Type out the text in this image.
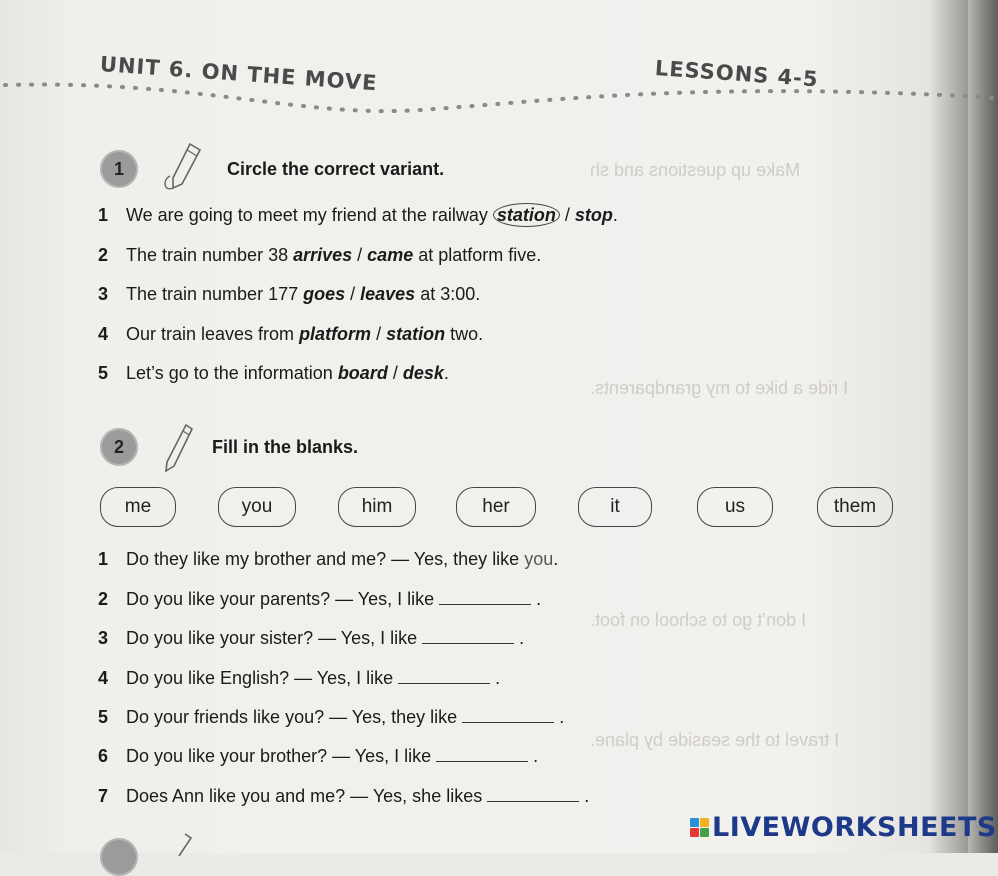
Make up questions and sh
I ride a bike to my grandparents.
I don’t go to school on foot.
I travel to the seaside by plane.
UNIT 6. ON THE MOVE	LESSONS 4-5
1	Circle the correct variant.
1 We are going to meet my friend at the railway station / stop.
2 The train number 38 arrives / came at platform five.
3 The train number 177 goes / leaves at 3:00.
4 Our train leaves from platform / station two.
5 Let’s go to the information board / desk.
2	Fill in the blanks.
me	you	him	her	it	us	them
1 Do they like my brother and me? — Yes, they like you.
2 Do you like your parents? — Yes, I like	.
3 Do you like your sister? — Yes, I like	.
4 Do you like English? — Yes, I like	.
5 Do your friends like you? — Yes, they like	.
6 Do you like your brother? — Yes, I like	.
7 Does Ann like you and me? — Yes, she likes	.
LIVEWORKSHEETS
